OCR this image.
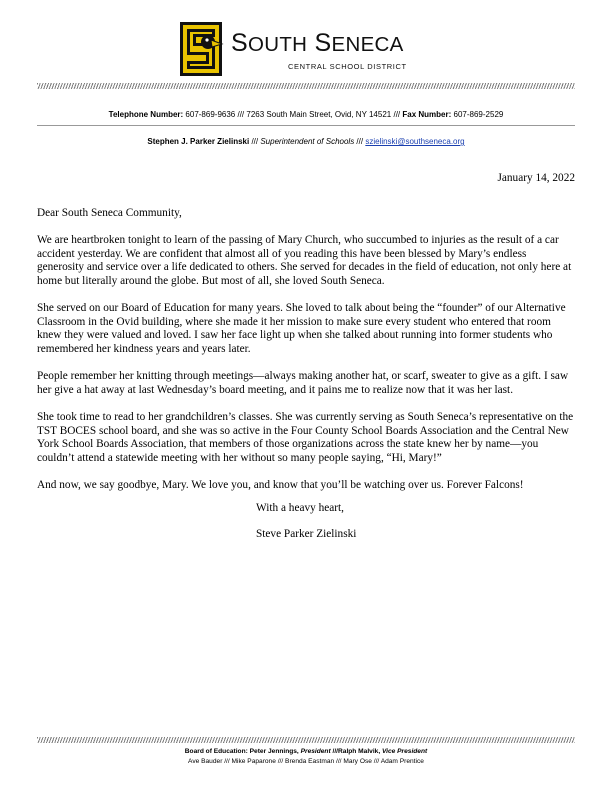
SOUTH SENECA
CENTRAL SCHOOL DISTRICT
Telephone Number: 607-869-9636 /// 7263 South Main Street, Ovid, NY 14521 /// Fax Number: 607-869-2529
Stephen J. Parker Zielinski /// Superintendent of Schools /// szielinski@southseneca.org
January 14, 2022

Dear South Seneca Community,

We are heartbroken tonight to learn of the passing of Mary Church, who succumbed to injuries as the result of a car accident yesterday. We are confident that almost all of you reading this have been blessed by Mary’s endless generosity and service over a life dedicated to others. She served for decades in the field of education, not only here at home but literally around the globe. But most of all, she loved South Seneca.

She served on our Board of Education for many years. She loved to talk about being the “founder” of our Alternative Classroom in the Ovid building, where she made it her mission to make sure every student who entered that room knew they were valued and loved. I saw her face light up when she talked about running into former students who remembered her kindness years and years later.

People remember her knitting through meetings—always making another hat, or scarf, sweater to give as a gift. I saw her give a hat away at last Wednesday’s board meeting, and it pains me to realize now that it was her last.

She took time to read to her grandchildren’s classes. She was currently serving as South Seneca’s representative on the TST BOCES school board, and she was so active in the Four County School Boards Association and the Central New York School Boards Association, that members of those organizations across the state knew her by name—you couldn’t attend a statewide meeting with her without so many people saying, “Hi, Mary!”

And now, we say goodbye, Mary. We love you, and know that you’ll be watching over us. Forever Falcons!

With a heavy heart,
Steve Parker Zielinski
Board of Education: Peter Jennings, President ///Ralph Malvik, Vice President
Ave Bauder /// Mike Paparone /// Brenda Eastman /// Mary Ose /// Adam Prentice
